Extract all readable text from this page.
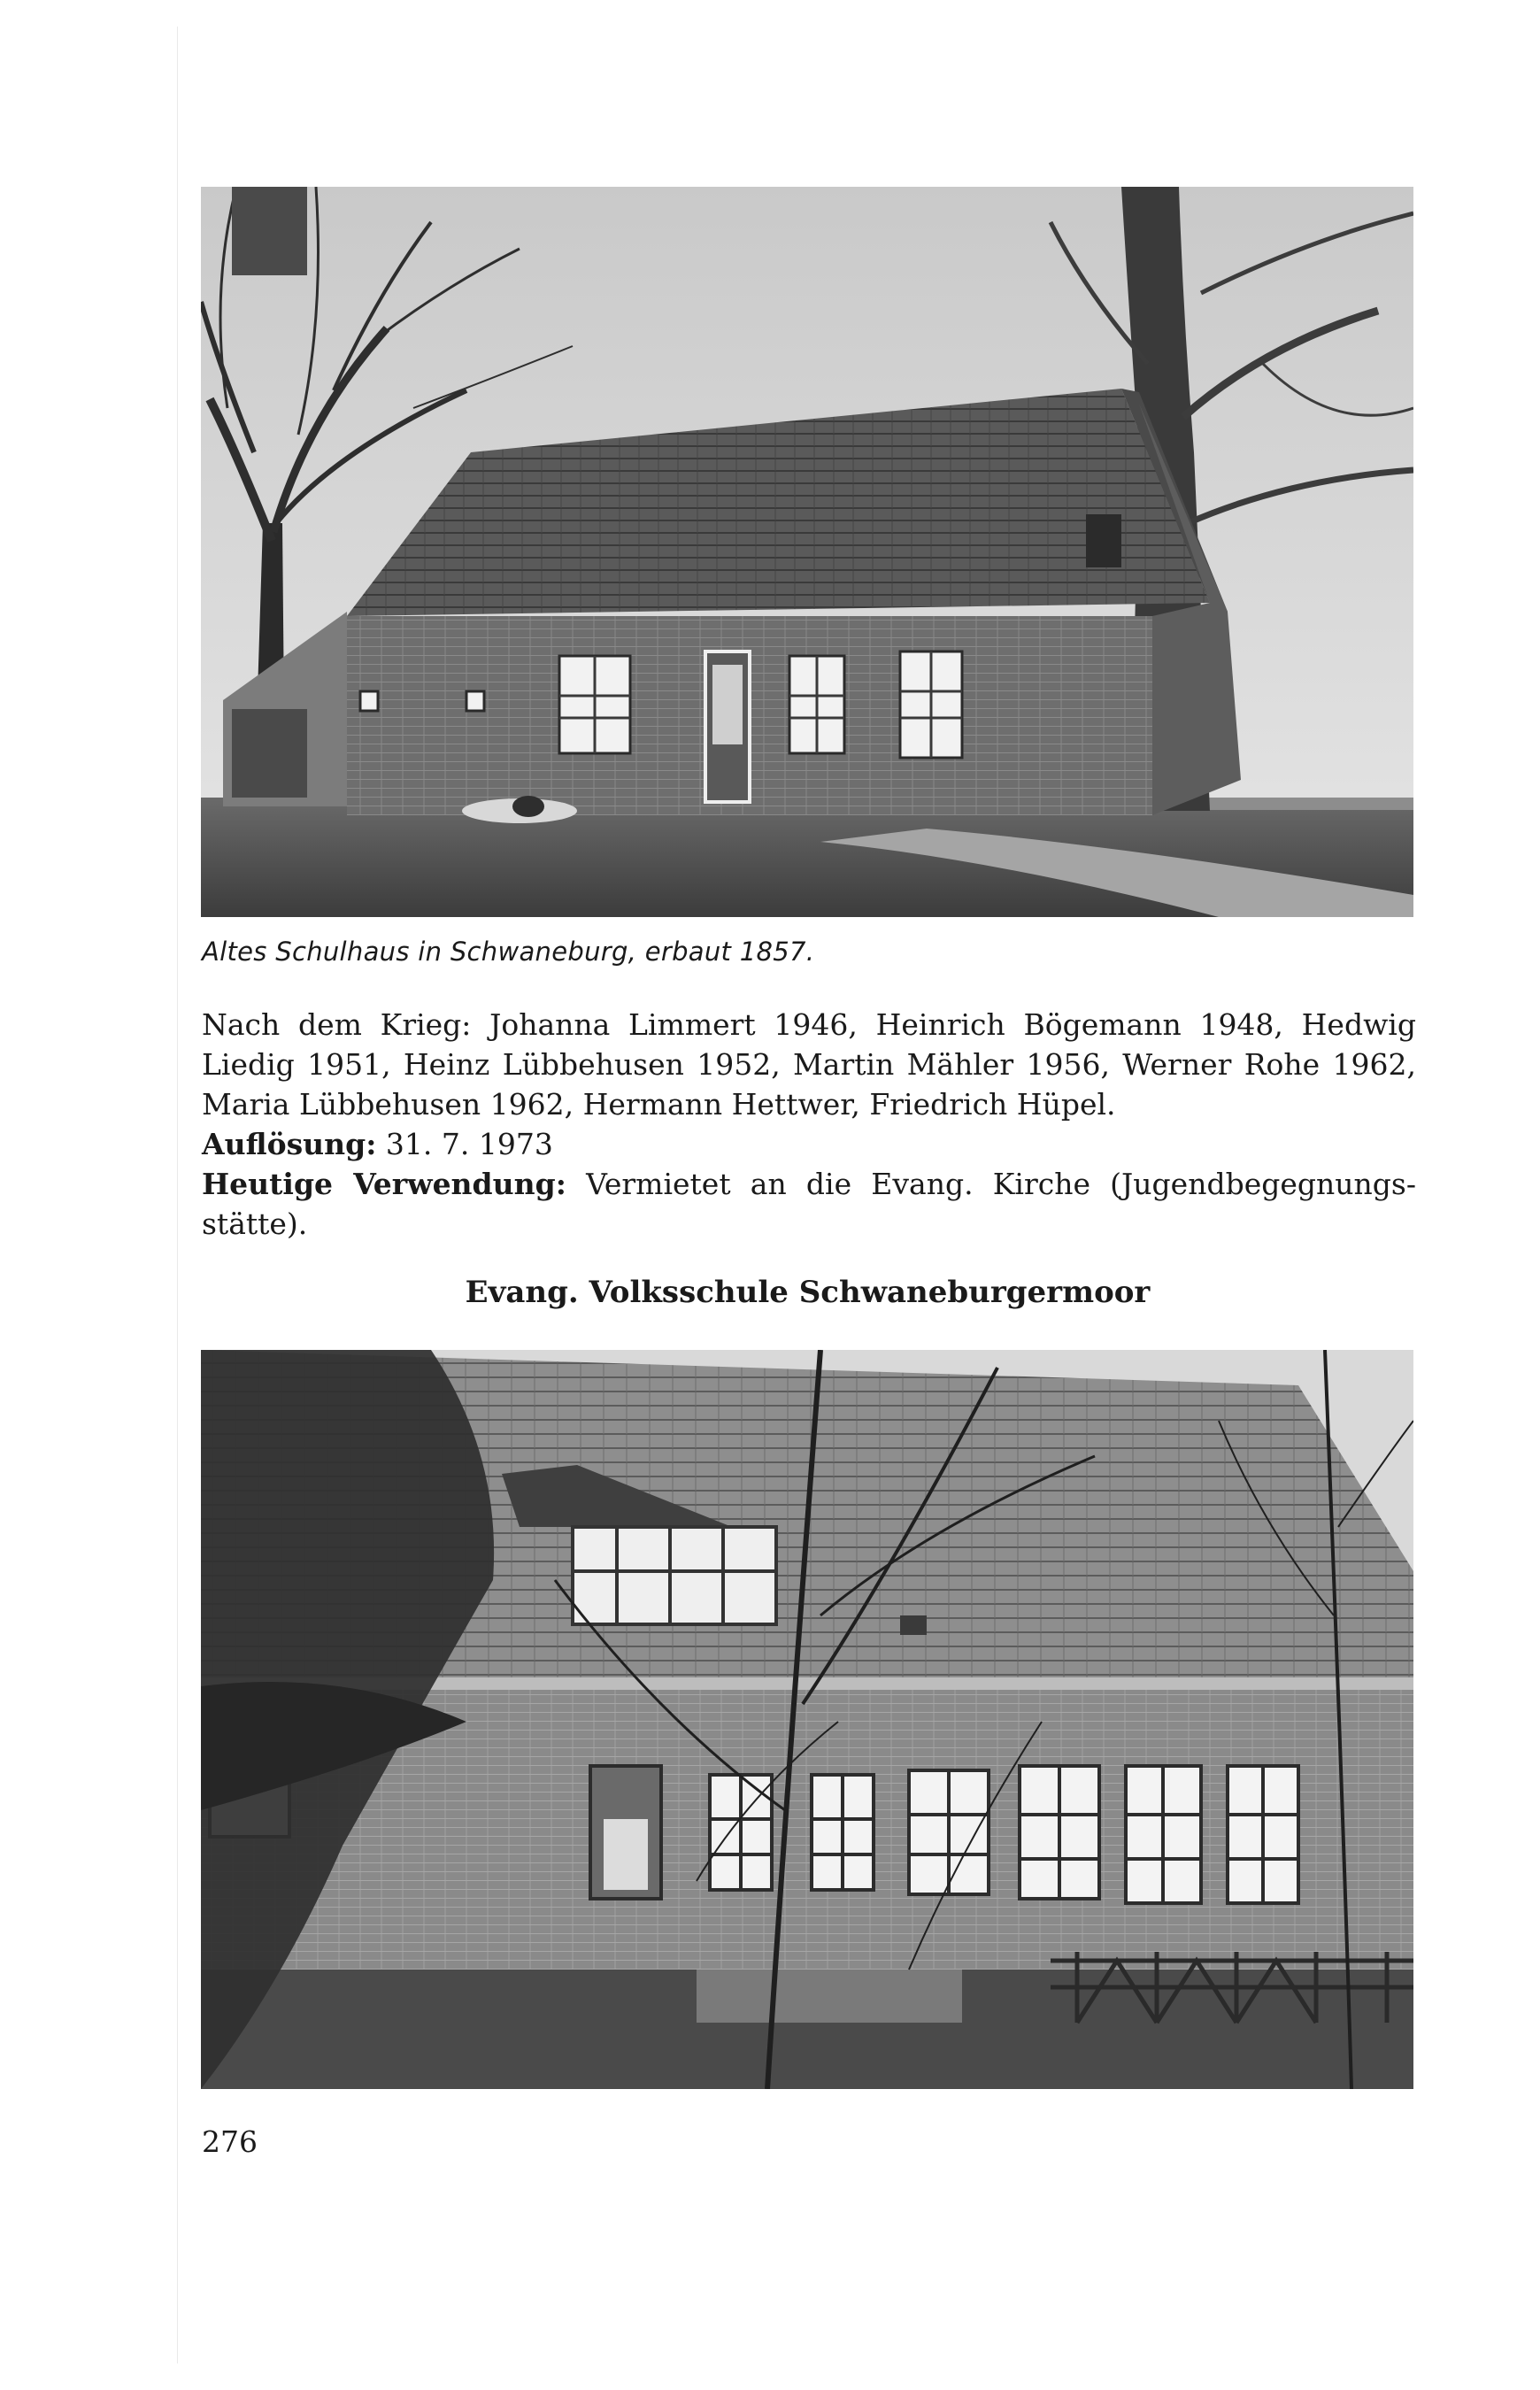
Altes Schulhaus in Schwaneburg, erbaut 1857.

Nach dem Krieg: Johanna Limmert 1946, Heinrich Bögemann 1948, Hedwig
Liedig 1951, Heinz Lübbehusen 1952, Martin Mähler 1956, Werner Rohe 1962,
Maria Lübbehusen 1962, Hermann Hettwer, Friedrich Hüpel.

Auflösung: 31. 7. 1973

Heutige Verwendung: Vermietet an die Evang. Kirche (Jugendbegegnungs-
stätte).

Evang. Volksschule Schwaneburgermoor

276
